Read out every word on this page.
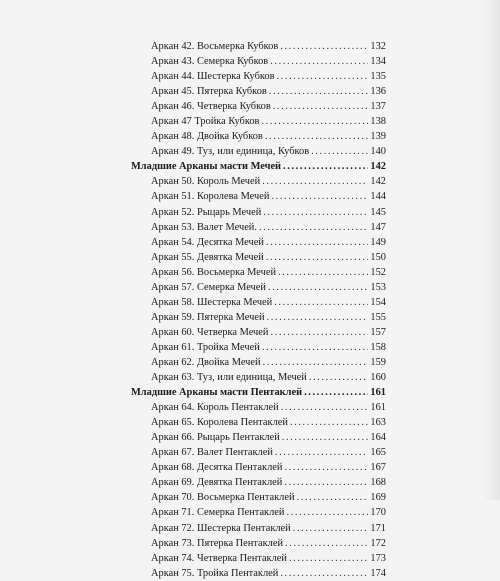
Аркан 42. Восьмерка Кубков .....	132
Аркан 43. Семерка Кубков .....	134
Аркан 44. Шестерка Кубков .....	135
Аркан 45. Пятерка Кубков .....	136
Аркан 46. Четверка Кубков .....	137
Аркан 47 Тройка Кубков .....	138
Аркан 48. Двойка Кубков .....	139
Аркан 49. Туз, или единица, Кубков .....	140
Младшие Арканы масти Мечей .....	142
Аркан 50. Король Мечей .....	142
Аркан 51. Королева Мечей .....	144
Аркан 52. Рыцарь Мечей .....	145
Аркан 53. Валет Мечей. .....	147
Аркан 54. Десятка Мечей .....	149
Аркан 55. Девятка Мечей .....	150
Аркан 56. Восьмерка Мечей .....	152
Аркан 57. Семерка Мечей .....	153
Аркан 58. Шестерка Мечей .....	154
Аркан 59. Пятерка Мечей .....	155
Аркан 60. Четверка Мечей .....	157
Аркан 61. Тройка Мечей .....	158
Аркан 62. Двойка Мечей .....	159
Аркан 63. Туз, или единица, Мечей .....	160
Младшие Арканы масти Пентаклей .....	161
Аркан 64. Король Пентаклей .....	161
Аркан 65. Королева Пентаклей .....	163
Аркан 66. Рыцарь Пентаклей .....	164
Аркан 67. Валет Пентаклей .....	165
Аркан 68. Десятка Пентаклей .....	167
Аркан 69. Девятка Пентаклей .....	168
Аркан 70. Восьмерка Пентаклей .....	169
Аркан 71. Семерка Пентаклей .....	170
Аркан 72. Шестерка Пентаклей .....	171
Аркан 73. Пятерка Пентаклей .....	172
Аркан 74. Четверка Пентаклей .....	173
Аркан 75. Тройка Пентаклей .....	174
